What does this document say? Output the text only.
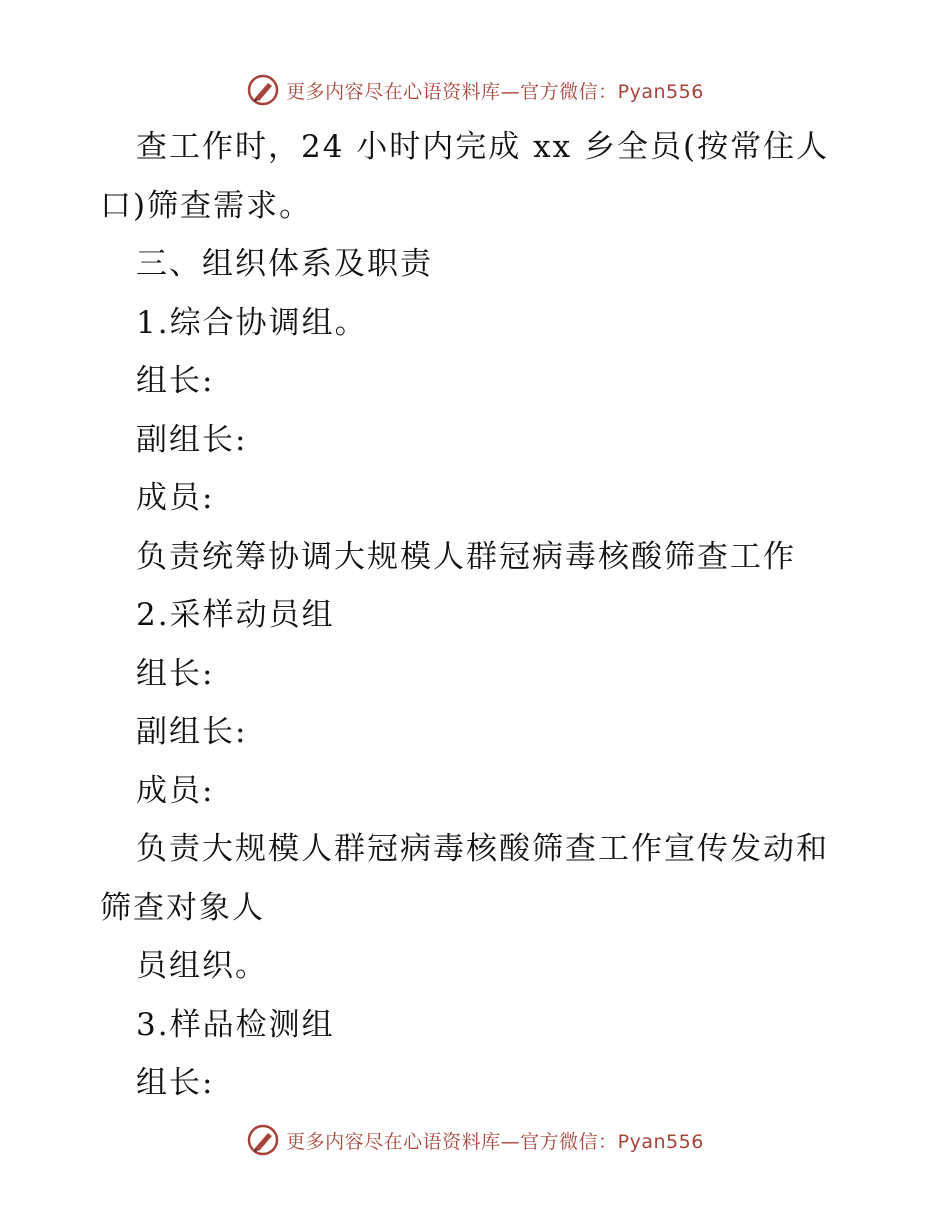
更多内容尽在心语资料库—官方微信：Pyan556
查工作时，24 小时内完成 xx 乡全员(按常住人
口)筛查需求。
三、组织体系及职责
1.综合协调组。
组长:
副组长:
成员:
负责统筹协调大规模人群冠病毒核酸筛查工作
2.采样动员组
组长:
副组长:
成员:
负责大规模人群冠病毒核酸筛查工作宣传发动和
筛查对象人
员组织。
3.样品检测组
组长:
更多内容尽在心语资料库—官方微信：Pyan556
